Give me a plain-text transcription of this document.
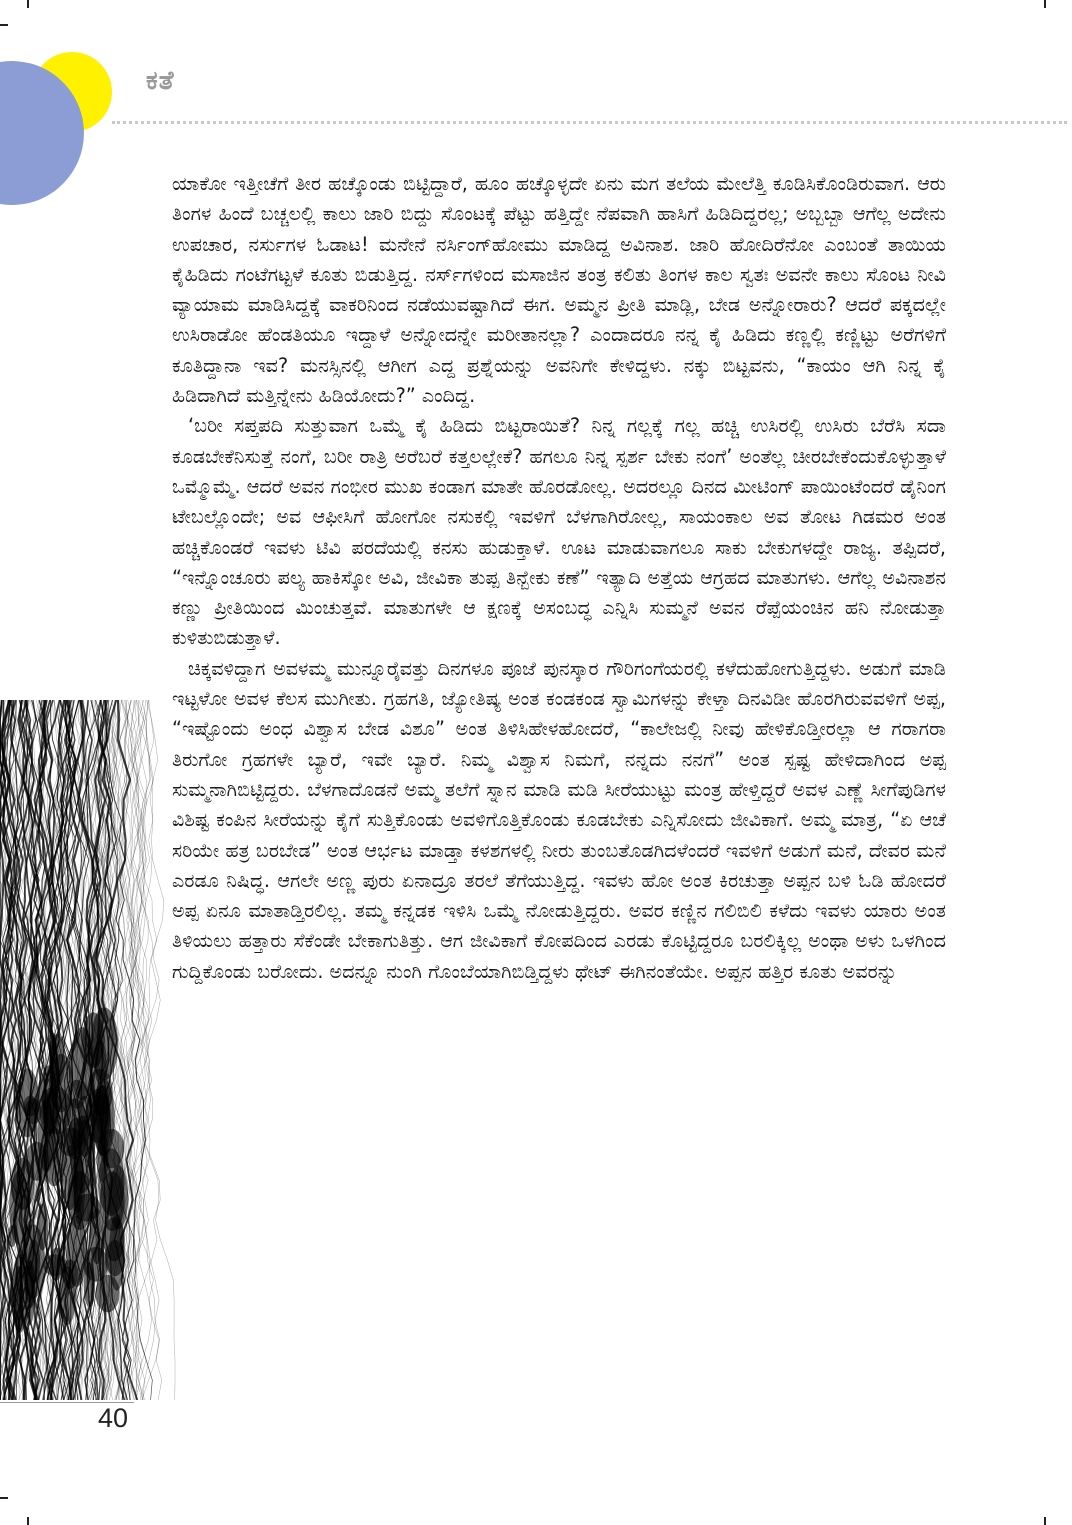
ಕತೆ

ಯಾಕೋ ಇತ್ತೀಚೆಗೆ ತೀರ ಹಚ್ಕೊಂಡು ಬಿಟ್ಟಿದ್ದಾರೆ, ಹೂಂ ಹಚ್ಕೊಳ್ಳದೇ ಏನು ಮಗ ತಲೆಯ ಮೇಲೆತ್ತಿ ಕೂಡಿಸಿಕೊಂಡಿರುವಾಗ. ಆರು ತಿಂಗಳ ಹಿಂದೆ ಬಚ್ಚಲಲ್ಲಿ ಕಾಲು ಜಾರಿ ಬಿದ್ದು ಸೊಂಟಕ್ಕೆ ಪೆಟ್ಟು ಹತ್ತಿದ್ದೇ ನೆಪವಾಗಿ ಹಾಸಿಗೆ ಹಿಡಿದಿದ್ದರಲ್ಲ; ಅಬ್ಬಬ್ಬಾ ಆಗೆಲ್ಲ ಅದೇನು ಉಪಚಾರ, ನರ್ಸುಗಳ ಓಡಾಟ! ಮನೇನೆ ನರ್ಸಿಂಗ್‌ಹೋಮು ಮಾಡಿದ್ದ ಅವಿನಾಶ. ಜಾರಿ ಹೋದಿರೆನೋ ಎಂಬಂತೆ ತಾಯಿಯ ಕೈಹಿಡಿದು ಗಂಟೆಗಟ್ಟಳೆ ಕೂತು ಬಿಡುತ್ತಿದ್ದ. ನರ್ಸ್‌ಗಳಿಂದ ಮಸಾಜಿನ ತಂತ್ರ ಕಲಿತು ತಿಂಗಳ ಕಾಲ ಸ್ವತಃ ಅವನೇ ಕಾಲು ಸೊಂಟ ನೀವಿ ವ್ಯಾಯಾಮ ಮಾಡಿಸಿದ್ದಕ್ಕೆ ವಾಕರಿನಿಂದ ನಡೆಯುವಷ್ಟಾಗಿದೆ ಈಗ. ಅಮ್ಮನ ಪ್ರೀತಿ ಮಾಡ್ಲಿ, ಬೇಡ ಅನ್ನೋರಾರು? ಆದರೆ ಪಕ್ಕದಲ್ಲೇ ಉಸಿರಾಡೋ ಹೆಂಡತಿಯೂ ಇದ್ದಾಳೆ ಅನ್ನೋದನ್ನೇ ಮರೀತಾನಲ್ಲಾ? ಎಂದಾದರೂ ನನ್ನ ಕೈ ಹಿಡಿದು ಕಣ್ಣಲ್ಲಿ ಕಣ್ಣಿಟ್ಟು ಅರೆಗಳಿಗೆ ಕೂತಿದ್ದಾನಾ ಇವ? ಮನಸ್ಸಿನಲ್ಲಿ ಆಗೀಗ ಎದ್ದ ಪ್ರಶ್ನೆಯನ್ನು ಅವನಿಗೇ ಕೇಳಿದ್ದಳು. ನಕ್ಕು ಬಿಟ್ಟವನು, “ಕಾಯಂ ಆಗಿ ನಿನ್ನ ಕೈ ಹಿಡಿದಾಗಿದೆ ಮತ್ತಿನ್ನೇನು ಹಿಡಿಯೋದು?” ಎಂದಿದ್ದ.

‘ಬರೀ ಸಪ್ತಪದಿ ಸುತ್ತುವಾಗ ಒಮ್ಮೆ ಕೈ ಹಿಡಿದು ಬಿಟ್ಟರಾಯಿತೆ? ನಿನ್ನ ಗಲ್ಲಕ್ಕೆ ಗಲ್ಲ ಹಚ್ಚಿ ಉಸಿರಲ್ಲಿ ಉಸಿರು ಬೆರೆಸಿ ಸದಾ ಕೂಡಬೇಕೆನಿಸುತ್ತೆ ನಂಗೆ, ಬರೀ ರಾತ್ರಿ ಅರೆಬರೆ ಕತ್ತಲಲ್ಲೇಕೆ? ಹಗಲೂ ನಿನ್ನ ಸ್ಪರ್ಶ ಬೇಕು ನಂಗೆ’ ಅಂತೆಲ್ಲ ಚೀರಬೇಕೆಂದುಕೊಳ್ಳುತ್ತಾಳೆ ಒಮ್ಮೊಮ್ಮೆ. ಆದರೆ ಅವನ ಗಂಭೀರ ಮುಖ ಕಂಡಾಗ ಮಾತೇ ಹೊರಡೋಲ್ಲ. ಅದರಲ್ಲೂ ದಿನದ ಮೀಟಿಂಗ್ ಪಾಯಿಂಟೆಂದರೆ ಡೈನಿಂಗ ಟೇಬಲ್ಲೊಂದೇ; ಅವ ಆಫೀಸಿಗೆ ಹೋಗೋ ನಸುಕಲ್ಲಿ ಇವಳಿಗೆ ಬೆಳಗಾಗಿರೋಲ್ಲ, ಸಾಯಂಕಾಲ ಅವ ತೋಟ ಗಿಡಮರ ಅಂತ ಹಚ್ಚಿಕೊಂಡರೆ ಇವಳು ಟಿವಿ ಪರದೆಯಲ್ಲಿ ಕನಸು ಹುಡುಕ್ತಾಳೆ. ಊಟ ಮಾಡುವಾಗಲೂ ಸಾಕು ಬೇಕುಗಳದ್ದೇ ರಾಜ್ಯ. ತಪ್ಪಿದರೆ, “ಇನ್ನೊಂಚೂರು ಪಲ್ಯ ಹಾಕಿಸ್ಕೋ ಅವಿ, ಜೀವಿಕಾ ತುಪ್ಪ ತಿನ್ಬೇಕು ಕಣೆ” ಇತ್ಯಾದಿ ಅತ್ತೆಯ ಆಗ್ರಹದ ಮಾತುಗಳು. ಆಗೆಲ್ಲ ಅವಿನಾಶನ ಕಣ್ಣು ಪ್ರೀತಿಯಿಂದ ಮಿಂಚುತ್ತವೆ. ಮಾತುಗಳೇ ಆ ಕ್ಷಣಕ್ಕೆ ಅಸಂಬದ್ಧ ಎನ್ನಿಸಿ ಸುಮ್ಮನೆ ಅವನ ರೆಪ್ಪೆಯಂಚಿನ ಹನಿ ನೋಡುತ್ತಾ ಕುಳಿತುಬಿಡುತ್ತಾಳೆ.

ಚಿಕ್ಕವಳಿದ್ದಾಗ ಅವಳಮ್ಮ ಮುನ್ನೂರೈವತ್ತು ದಿನಗಳೂ ಪೂಜೆ ಪುನಸ್ಕಾರ ಗೌರಿಗಂಗೆಯರಲ್ಲಿ ಕಳೆದುಹೋಗುತ್ತಿದ್ದಳು. ಅಡುಗೆ ಮಾಡಿ ಇಟ್ಟಳೋ ಅವಳ ಕೆಲಸ ಮುಗೀತು. ಗ್ರಹಗತಿ, ಜ್ಯೋತಿಷ್ಯ ಅಂತ ಕಂಡಕಂಡ ಸ್ವಾಮಿಗಳನ್ನು ಕೇಳ್ತಾ ದಿನವಿಡೀ ಹೊರಗಿರುವವಳಿಗೆ ಅಪ್ಪ, “ಇಷ್ಟೊಂದು ಅಂಧ ವಿಶ್ವಾಸ ಬೇಡ ವಿಶೂ” ಅಂತ ತಿಳಿಸಿಹೇಳಹೋದರೆ, “ಕಾಲೇಜಲ್ಲಿ ನೀವು ಹೇಳಿಕೊಡ್ತೀರಲ್ಲಾ ಆ ಗರಾಗರಾ ತಿರುಗೋ ಗ್ರಹಗಳೇ ಬ್ಯಾರೆ, ಇವೇ ಬ್ಯಾರೆ. ನಿಮ್ಮ ವಿಶ್ವಾಸ ನಿಮಗೆ, ನನ್ನದು ನನಗೆ” ಅಂತ ಸ್ಪಷ್ಟ ಹೇಳಿದಾಗಿಂದ ಅಪ್ಪ ಸುಮ್ಮನಾಗಿಬಿಟ್ಟಿದ್ದರು. ಬೆಳಗಾದೊಡನೆ ಅಮ್ಮ ತಲೆಗೆ ಸ್ನಾನ ಮಾಡಿ ಮಡಿ ಸೀರೆಯುಟ್ಟು ಮಂತ್ರ ಹೇಳ್ತಿದ್ದರೆ ಅವಳ ಎಣ್ಣೆ ಸೀಗೆಪುಡಿಗಳ ವಿಶಿಷ್ಟ ಕಂಪಿನ ಸೀರೆಯನ್ನು ಕೈಗೆ ಸುತ್ತಿಕೊಂಡು ಅವಳಿಗೊತ್ತಿಕೊಂಡು ಕೂಡಬೇಕು ಎನ್ನಿಸೋದು ಜೀವಿಕಾಗೆ. ಅಮ್ಮ ಮಾತ್ರ, “ಏ ಆಚೆ ಸರಿಯೇ ಹತ್ರ ಬರಬೇಡ” ಅಂತ ಆರ್ಭಟ ಮಾಡ್ತಾ ಕಳಶಗಳಲ್ಲಿ ನೀರು ತುಂಬತೊಡಗಿದಳೆಂದರೆ ಇವಳಿಗೆ ಅಡುಗೆ ಮನೆ, ದೇವರ ಮನೆ ಎರಡೂ ನಿಷಿದ್ಧ. ಆಗಲೇ ಅಣ್ಣ ಪುರು ಏನಾದ್ರೂ ತರಲೆ ತೆಗೆಯುತ್ತಿದ್ದ. ಇವಳು ಹೋ ಅಂತ ಕಿರಚುತ್ತಾ ಅಪ್ಪನ ಬಳಿ ಓಡಿ ಹೋದರೆ ಅಪ್ಪ ಏನೂ ಮಾತಾಡ್ತಿರಲಿಲ್ಲ. ತಮ್ಮ ಕನ್ನಡಕ ಇಳಿಸಿ ಒಮ್ಮೆ ನೋಡುತ್ತಿದ್ದರು. ಅವರ ಕಣ್ಣಿನ ಗಲಿಬಿಲಿ ಕಳೆದು ಇವಳು ಯಾರು ಅಂತ ತಿಳಿಯಲು ಹತ್ತಾರು ಸೆಕೆಂಡೇ ಬೇಕಾಗುತಿತ್ತು. ಆಗ ಜೀವಿಕಾಗೆ ಕೋಪದಿಂದ ಎರಡು ಕೊಟ್ಟಿದ್ದರೂ ಬರಲಿಕ್ಕಿಲ್ಲ ಅಂಥಾ ಅಳು ಒಳಗಿಂದ ಗುದ್ದಿಕೊಂಡು ಬರೋದು. ಅದನ್ನೂ ನುಂಗಿ ಗೊಂಬೆಯಾಗಿಬಿಡ್ತಿದ್ದಳು ಥೇಟ್ ಈಗಿನಂತೆಯೇ. ಅಪ್ಪನ ಹತ್ತಿರ ಕೂತು ಅವರನ್ನು

40
